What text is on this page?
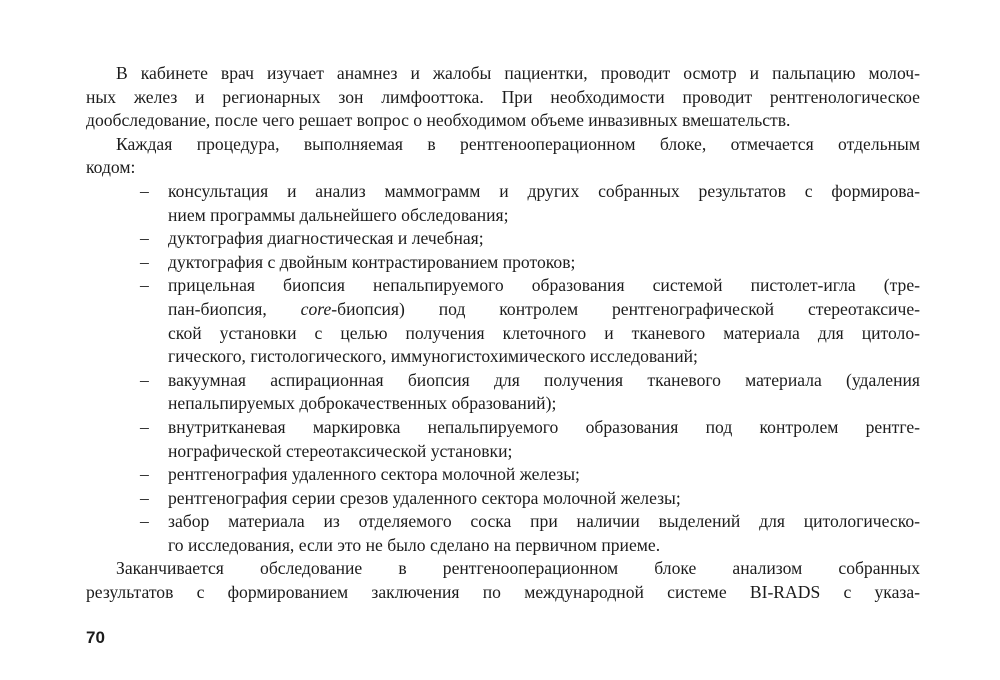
В кабинете врач изучает анамнез и жалобы пациентки, проводит осмотр и пальпацию молоч-
ных желез и регионарных зон лимфооттока. При необходимости проводит рентгенологическое
дообследование, после чего решает вопрос о необходимом объеме инвазивных вмешательств.
Каждая процедура, выполняемая в рентгенооперационном блоке, отмечается отдельным
кодом:
– консультация и анализ маммограмм и других собранных результатов с формирова-
нием программы дальнейшего обследования;
– дуктография диагностическая и лечебная;
– дуктография с двойным контрастированием протоков;
– прицельная биопсия непальпируемого образования системой пистолет-игла (тре-
пан-биопсия, core-биопсия) под контролем рентгенографической стереотаксиче-
ской установки с целью получения клеточного и тканевого материала для цитоло-
гического, гистологического, иммуногистохимического исследований;
– вакуумная аспирационная биопсия для получения тканевого материала (удаления
непальпируемых доброкачественных образований);
– внутритканевая маркировка непальпируемого образования под контролем рентге-
нографической стереотаксической установки;
– рентгенография удаленного сектора молочной железы;
– рентгенография серии срезов удаленного сектора молочной железы;
– забор материала из отделяемого соска при наличии выделений для цитологическо-
го исследования, если это не было сделано на первичном приеме.
Заканчивается обследование в рентгенооперационном блоке анализом собранных
результатов с формированием заключения по международной системе BI-RADS с указа-
70
